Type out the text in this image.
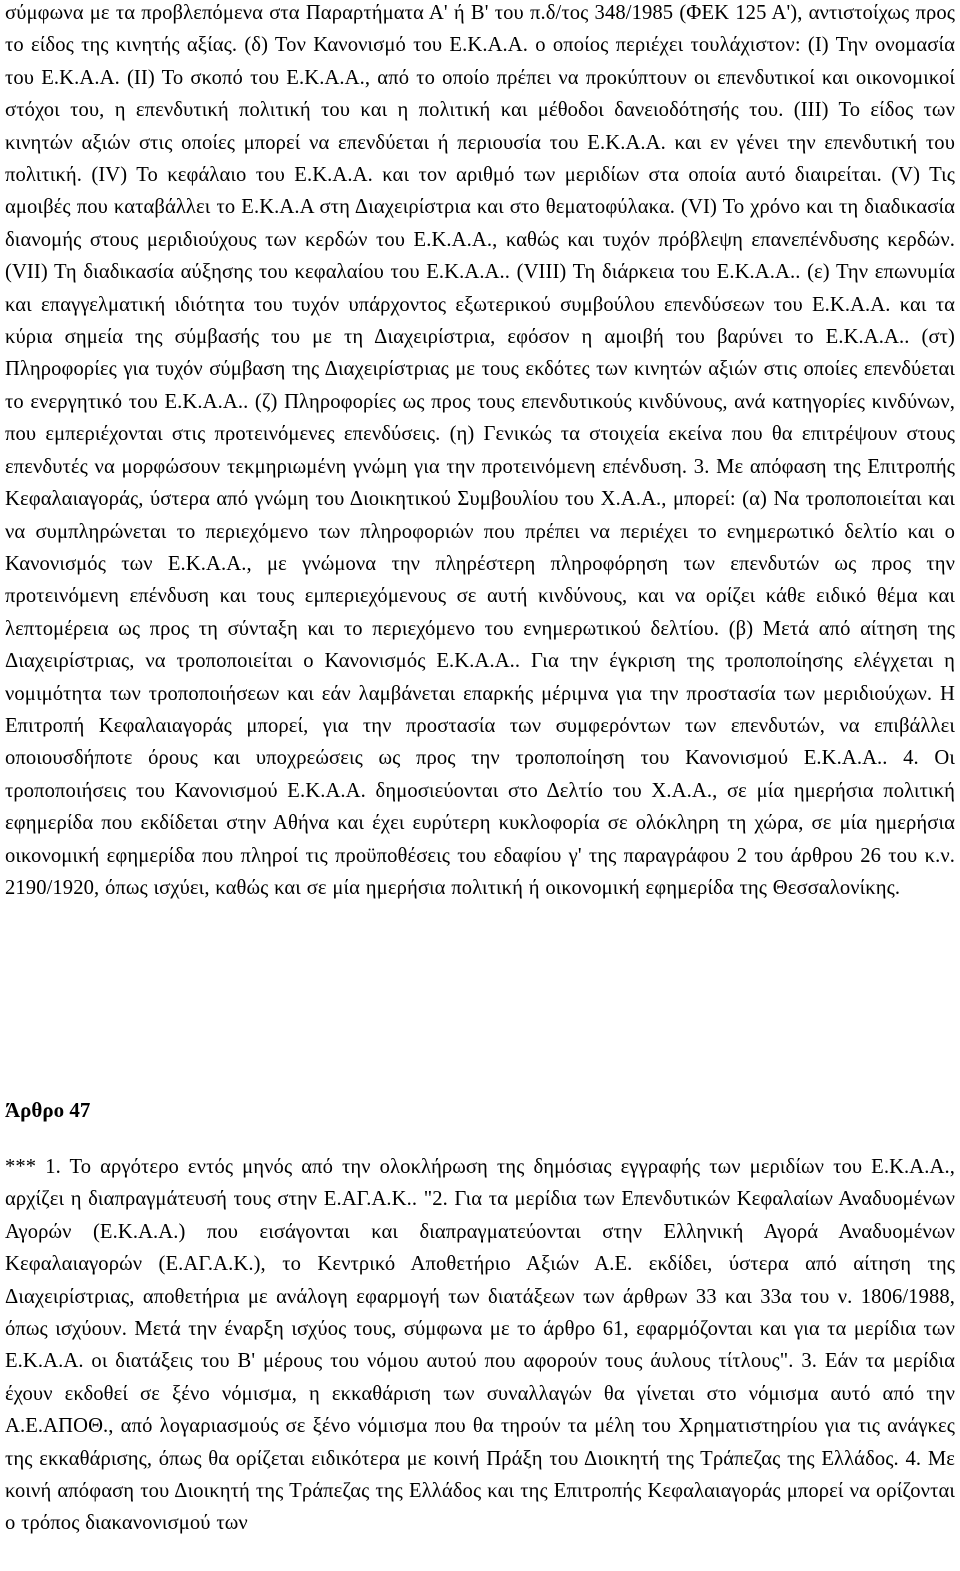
σύμφωνα με τα προβλεπόμενα στα Παραρτήματα Α' ή Β' του π.δ/τος 348/1985 (ΦΕΚ 125 Α'), αντιστοίχως προς το είδος της κινητής αξίας. (δ) Τον Κανονισμό του Ε.Κ.Α.Α. ο οποίος περιέχει τουλάχιστον: (Ι) Την ονομασία του Ε.Κ.Α.Α. (ΙΙ) Το σκοπό του Ε.Κ.Α.Α., από το οποίο πρέπει να προκύπτουν οι επενδυτικοί και οικονομικοί στόχοι του, η επενδυτική πολιτική του και η πολιτική και μέθοδοι δανειοδότησής του. (ΙΙΙ) Το είδος των κινητών αξιών στις οποίες μπορεί να επενδύεται ή περιουσία του Ε.Κ.Α.Α. και εν γένει την επενδυτική του πολιτική. (ΙV) Το κεφάλαιο του Ε.Κ.Α.Α. και τον αριθμό των μεριδίων στα οποία αυτό διαιρείται. (V) Τις αμοιβές που καταβάλλει το Ε.Κ.Α.Α στη Διαχειρίστρια και στο θεματοφύλακα. (VΙ) Το χρόνο και τη διαδικασία διανομής στους μεριδιούχους των κερδών του Ε.Κ.Α.Α., καθώς και τυχόν πρόβλεψη επανεπένδυσης κερδών. (VΙΙ) Τη διαδικασία αύξησης του κεφαλαίου του Ε.Κ.Α.Α.. (VΙΙΙ) Τη διάρκεια του Ε.Κ.Α.Α.. (ε) Την επωνυμία και επαγγελματική ιδιότητα του τυχόν υπάρχοντος εξωτερικού συμβούλου επενδύσεων του Ε.Κ.Α.Α. και τα κύρια σημεία της σύμβασής του με τη Διαχειρίστρια, εφόσον η αμοιβή του βαρύνει το Ε.Κ.Α.Α.. (στ) Πληροφορίες για τυχόν σύμβαση της Διαχειρίστριας με τους εκδότες των κινητών αξιών στις οποίες επενδύεται το ενεργητικό του Ε.Κ.Α.Α.. (ζ) Πληροφορίες ως προς τους επενδυτικούς κινδύνους, ανά κατηγορίες κινδύνων, που εμπεριέχονται στις προτεινόμενες επενδύσεις. (η) Γενικώς τα στοιχεία εκείνα που θα επιτρέψουν στους επενδυτές να μορφώσουν τεκμηριωμένη γνώμη για την προτεινόμενη επένδυση. 3. Με απόφαση της Επιτροπής Κεφαλαιαγοράς, ύστερα από γνώμη του Διοικητικού Συμβουλίου του Χ.Α.Α., μπορεί: (α) Να τροποποιείται και να συμπληρώνεται το περιεχόμενο των πληροφοριών που πρέπει να περιέχει το ενημερωτικό δελτίο και ο Κανονισμός των Ε.Κ.Α.Α., με γνώμονα την πληρέστερη πληροφόρηση των επενδυτών ως προς την προτεινόμενη επένδυση και τους εμπεριεχόμενους σε αυτή κινδύνους, και να ορίζει κάθε ειδικό θέμα και λεπτομέρεια ως προς τη σύνταξη και το περιεχόμενο του ενημερωτικού δελτίου. (β) Μετά από αίτηση της Διαχειρίστριας, να τροποποιείται ο Κανονισμός Ε.Κ.Α.Α.. Για την έγκριση της τροποποίησης ελέγχεται η νομιμότητα των τροποποιήσεων και εάν λαμβάνεται επαρκής μέριμνα για την προστασία των μεριδιούχων. Η Επιτροπή Κεφαλαιαγοράς μπορεί, για την προστασία των συμφερόντων των επενδυτών, να επιβάλλει οποιουσδήποτε όρους και υποχρεώσεις ως προς την τροποποίηση του Κανονισμού Ε.Κ.Α.Α.. 4. Οι τροποποιήσεις του Κανονισμού Ε.Κ.Α.Α. δημοσιεύονται στο Δελτίο του Χ.Α.Α., σε μία ημερήσια πολιτική εφημερίδα που εκδίδεται στην Αθήνα και έχει ευρύτερη κυκλοφορία σε ολόκληρη τη χώρα, σε μία ημερήσια οικονομική εφημερίδα που πληροί τις προϋποθέσεις του εδαφίου γ' της παραγράφου 2 του άρθρου 26 του κ.ν. 2190/1920, όπως ισχύει, καθώς και σε μία ημερήσια πολιτική ή οικονομική εφημερίδα της Θεσσαλονίκης.

Άρθρο 47

*** 1. Το αργότερο εντός μηνός από την ολοκλήρωση της δημόσιας εγγραφής των μεριδίων του Ε.Κ.Α.Α., αρχίζει η διαπραγμάτευσή τους στην Ε.ΑΓ.Α.Κ.. "2. Για τα μερίδια των Επενδυτικών Κεφαλαίων Αναδυομένων Αγορών (Ε.Κ.Α.Α.) που εισάγονται και διαπραγματεύονται στην Ελληνική Αγορά Αναδυομένων Κεφαλαιαγορών (Ε.ΑΓ.Α.Κ.), το Κεντρικό Αποθετήριο Αξιών Α.Ε. εκδίδει, ύστερα από αίτηση της Διαχειρίστριας, αποθετήρια με ανάλογη εφαρμογή των διατάξεων των άρθρων 33 και 33α του ν. 1806/1988, όπως ισχύουν. Μετά την έναρξη ισχύος τους, σύμφωνα με το άρθρο 61, εφαρμόζονται και για τα μερίδια των Ε.Κ.Α.Α. οι διατάξεις του Β' μέρους του νόμου αυτού που αφορούν τους άυλους τίτλους". 3. Εάν τα μερίδια έχουν εκδοθεί σε ξένο νόμισμα, η εκκαθάριση των συναλλαγών θα γίνεται στο νόμισμα αυτό από την Α.Ε.ΑΠΟΘ., από λογαριασμούς σε ξένο νόμισμα που θα τηρούν τα μέλη του Χρηματιστηρίου για τις ανάγκες της εκκαθάρισης, όπως θα ορίζεται ειδικότερα με κοινή Πράξη του Διοικητή της Τράπεζας της Ελλάδος. 4. Με κοινή απόφαση του Διοικητή της Τράπεζας της Ελλάδος και της Επιτροπής Κεφαλαιαγοράς μπορεί να ορίζονται ο τρόπος διακανονισμού των
